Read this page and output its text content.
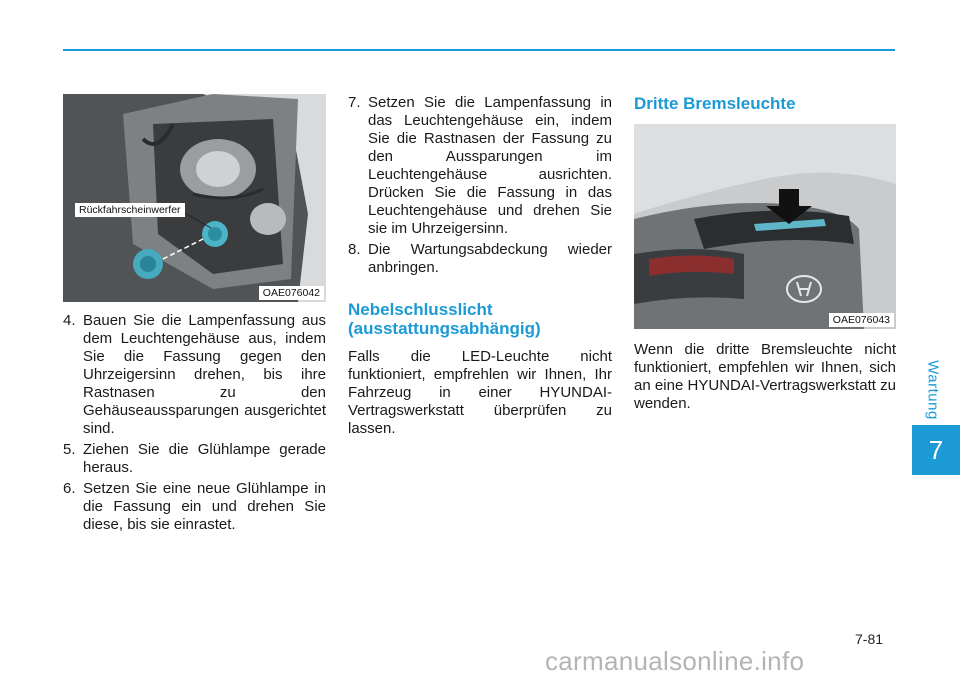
Wartung
7
Rückfahrscheinwerfer
OAE076042
4. Bauen Sie die Lampenfassung aus dem Leuchtengehäuse aus, indem Sie die Fassung gegen den Uhrzeigersinn drehen, bis ihre Rastnasen zu den Gehäuseaussparungen ausgerichtet sind.
5. Ziehen Sie die Glühlampe gerade heraus.
6. Setzen Sie eine neue Glühlampe in die Fassung ein und drehen Sie diese, bis sie einrastet.
7. Setzen Sie die Lampenfassung in das Leuchtengehäuse ein, indem Sie die Rastnasen der Fassung zu den Aussparungen im Leuchtengehäuse ausrichten. Drücken Sie die Fassung in das Leuchtengehäuse und drehen Sie sie im Uhrzeigersinn.
8. Die Wartungsabdeckung wieder anbringen.
Nebelschlusslicht
(ausstattungsabhängig)

Falls die LED-Leuchte nicht funktioniert, empfrehlen wir Ihnen, Ihr Fahrzeug in einer HYUNDAI-Vertragswerkstatt überprüfen zu lassen.

Dritte Bremsleuchte
OAE076043

Wenn die dritte Bremsleuchte nicht funktioniert, empfehlen wir Ihnen, sich an eine HYUNDAI-Vertragswerkstatt zu wenden.

7-81
carmanualsonline.info
